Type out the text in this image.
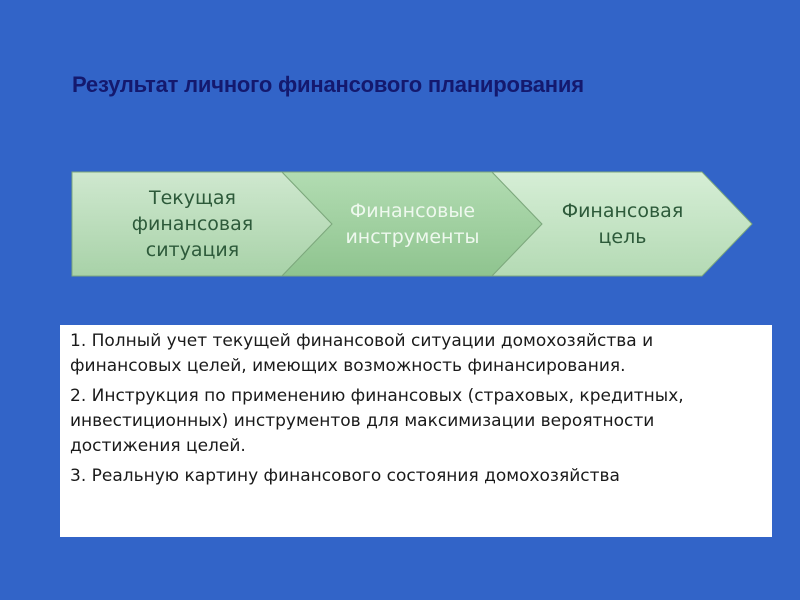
Результат личного финансового планирования
Текущая
финансовая
ситуация
Финансовые
инструменты
Финансовая
цель
1. Полный учет текущей финансовой ситуации домохозяйства и финансовых целей, имеющих возможность финансирования.
2. Инструкция по применению финансовых (страховых, кредитных, инвестиционных) инструментов для максимизации вероятности достижения целей.
3. Реальную картину финансового состояния домохозяйства
